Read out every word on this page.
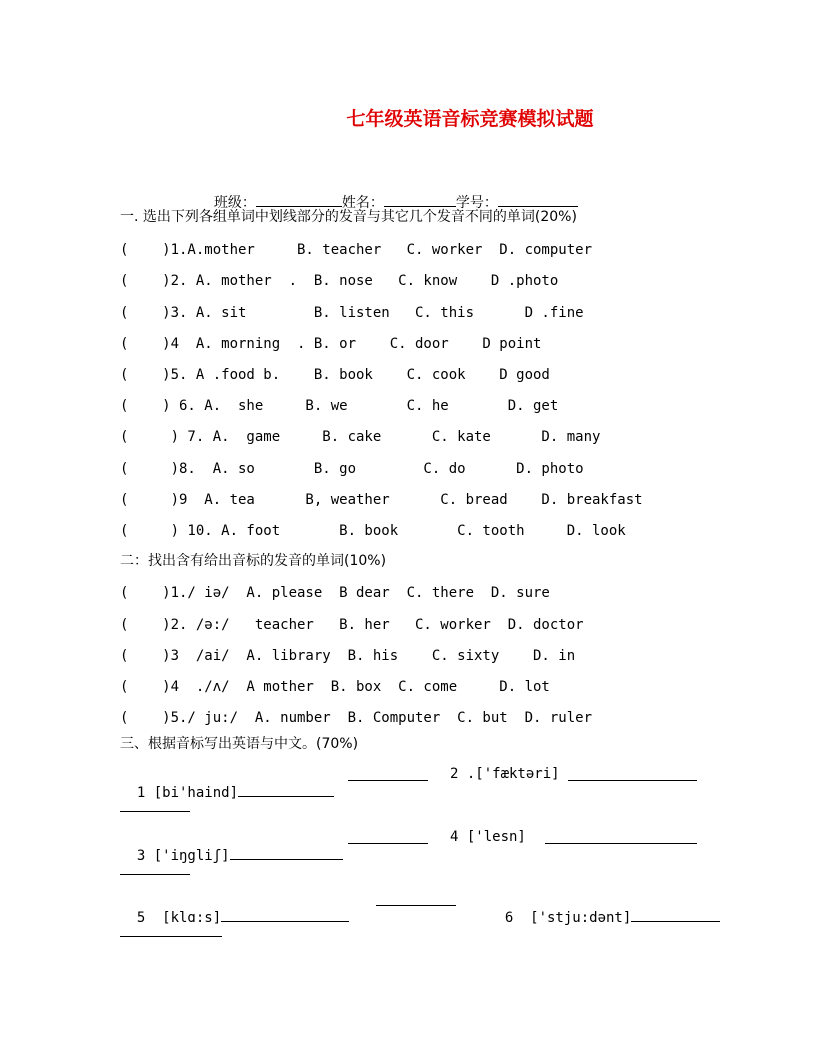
七年级英语音标竞赛模拟试题

班级：	姓名：	学号：

一. 选出下列各组单词中划线部分的发音与其它几个发音不同的单词(20%)
(    )1.A.mother     B. teacher   C. worker  D. computer
(    )2. A. mother  .  B. nose   C. know    D .photo
(    )3. A. sit        B. listen   C. this      D .fine
(    )4  A. morning  . B. or    C. door    D point
(    )5. A .food b.    B. book    C. cook    D good
(    ) 6. A.  she     B. we       C. he       D. get
(     ) 7. A.  game     B. cake      C. kate      D. many
(     )8.  A. so       B. go        C. do      D. photo
(     )9  A. tea      B, weather      C. bread    D. breakfast
(     ) 10. A. foot       B. book       C. tooth     D. look
二：找出含有给出音标的发音的单词(10%)
(    )1./ iə/  A. please  B dear  C. there  D. sure
(    )2. /ə:/   teacher   B. her   C. worker  D. doctor
(    )3  /ai/  A. library  B. his    C. sixty    D. in
(    )4  ./ʌ/  A mother  B. box  C. come     D. lot
(    )5./ ju:/  A. number  B. Computer  C. but  D. ruler
三、根据音标写出英语与中文。(70%)

1 [bi'haind]

2 .['fæktəri]

3 ['iŋgliʃ]

4 ['lesn]

5  [klɑ:s]	6  ['stju:dənt]
